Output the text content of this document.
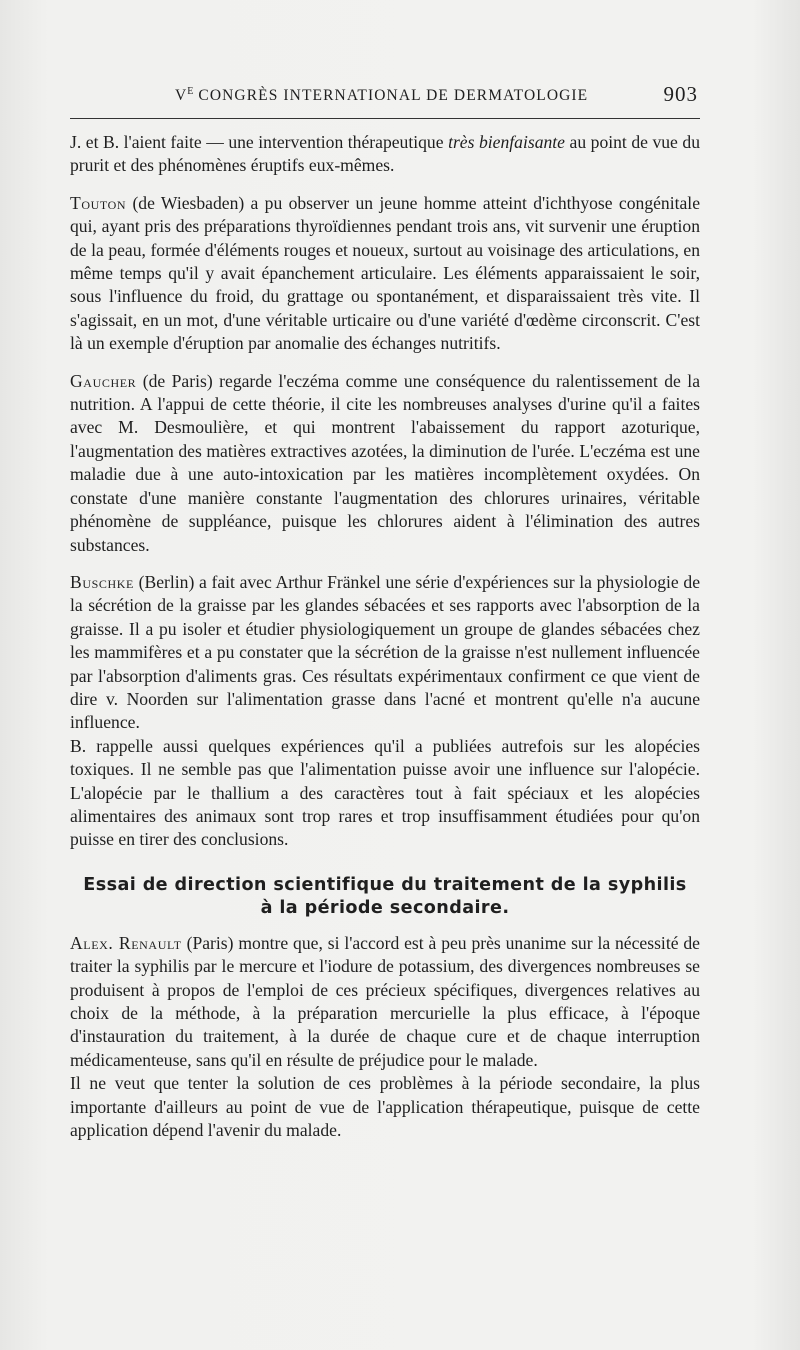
$V^E$ CONGRÈS INTERNATIONAL DE DERMATOLOGIE	903

J. et B. l'aient faite — une intervention thérapeutique très bienfaisante au point de vue du prurit et des phénomènes éruptifs eux-mêmes.

Touton (de Wiesbaden) a pu observer un jeune homme atteint d'ichthyose congénitale qui, ayant pris des préparations thyroïdiennes pendant trois ans, vit survenir une éruption de la peau, formée d'éléments rouges et noueux, surtout au voisinage des articulations, en même temps qu'il y avait épanchement articulaire. Les éléments apparaissaient le soir, sous l'influence du froid, du grattage ou spontanément, et disparaissaient très vite. Il s'agissait, en un mot, d'une véritable urticaire ou d'une variété d'œdème circonscrit. C'est là un exemple d'éruption par anomalie des échanges nutritifs.

Gaucher (de Paris) regarde l'eczéma comme une conséquence du ralentissement de la nutrition. A l'appui de cette théorie, il cite les nombreuses analyses d'urine qu'il a faites avec M. Desmoulière, et qui montrent l'abaissement du rapport azoturique, l'augmentation des matières extractives azotées, la diminution de l'urée. L'eczéma est une maladie due à une auto-intoxication par les matières incomplètement oxydées. On constate d'une manière constante l'augmentation des chlorures urinaires, véritable phénomène de suppléance, puisque les chlorures aident à l'élimination des autres substances.

Buschke (Berlin) a fait avec Arthur Fränkel une série d'expériences sur la physiologie de la sécrétion de la graisse par les glandes sébacées et ses rapports avec l'absorption de la graisse. Il a pu isoler et étudier physiologiquement un groupe de glandes sébacées chez les mammifères et a pu constater que la sécrétion de la graisse n'est nullement influencée par l'absorption d'aliments gras. Ces résultats expérimentaux confirment ce que vient de dire v. Noorden sur l'alimentation grasse dans l'acné et montrent qu'elle n'a aucune influence.

B. rappelle aussi quelques expériences qu'il a publiées autrefois sur les alopécies toxiques. Il ne semble pas que l'alimentation puisse avoir une influence sur l'alopécie. L'alopécie par le thallium a des caractères tout à fait spéciaux et les alopécies alimentaires des animaux sont trop rares et trop insuffisamment étudiées pour qu'on puisse en tirer des conclusions.

Essai de direction scientifique du traitement de la syphilis
à la période secondaire.

Alex. Renault (Paris) montre que, si l'accord est à peu près unanime sur la nécessité de traiter la syphilis par le mercure et l'iodure de potassium, des divergences nombreuses se produisent à propos de l'emploi de ces précieux spécifiques, divergences relatives au choix de la méthode, à la préparation mercurielle la plus efficace, à l'époque d'instauration du traitement, à la durée de chaque cure et de chaque interruption médicamenteuse, sans qu'il en résulte de préjudice pour le malade.

Il ne veut que tenter la solution de ces problèmes à la période secondaire, la plus importante d'ailleurs au point de vue de l'application thérapeutique, puisque de cette application dépend l'avenir du malade.
